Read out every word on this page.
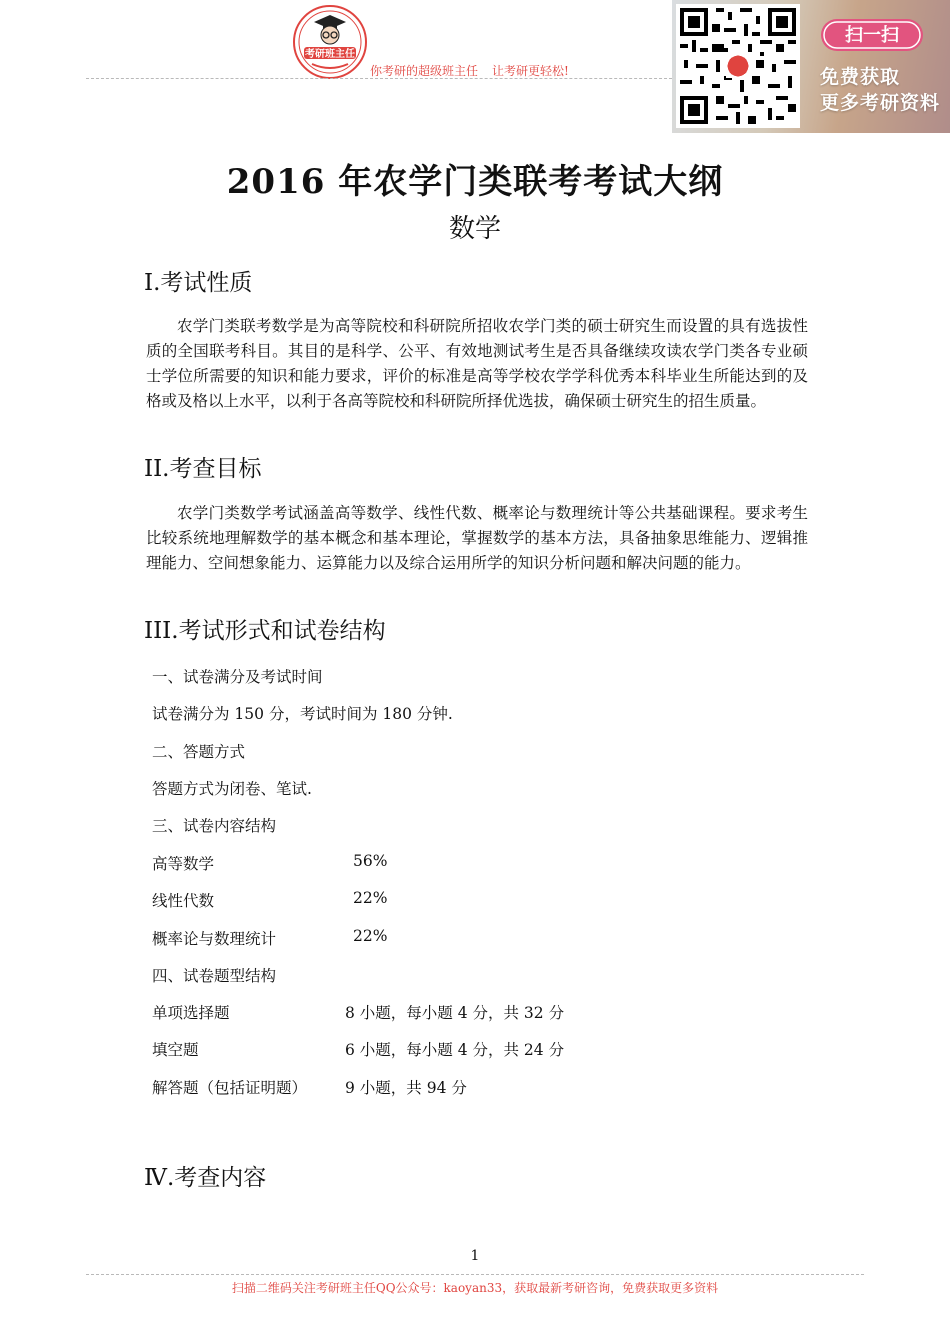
考研班主任
你考研的超级班主任 让考研更轻松!
扫一扫
免费获取
更多考研资料
2016 年农学门类联考考试大纲
数学
I.考试性质
农学门类联考数学是为高等院校和科研院所招收农学门类的硕士研究生而设置的具有选拔性质的全国联考科目。其目的是科学、公平、有效地测试考生是否具备继续攻读农学门类各专业硕士学位所需要的知识和能力要求，评价的标准是高等学校农学学科优秀本科毕业生所能达到的及格或及格以上水平，以利于各高等院校和科研院所择优选拔，确保硕士研究生的招生质量。
II.考查目标
农学门类数学考试涵盖高等数学、线性代数、概率论与数理统计等公共基础课程。要求考生比较系统地理解数学的基本概念和基本理论，掌握数学的基本方法，具备抽象思维能力、逻辑推理能力、空间想象能力、运算能力以及综合运用所学的知识分析问题和解决问题的能力。
III.考试形式和试卷结构
一、试卷满分及考试时间
试卷满分为 150 分，考试时间为 180 分钟.
二、答题方式
答题方式为闭卷、笔试.
三、试卷内容结构
高等数学	56%
线性代数	22%
概率论与数理统计	22%
四、试卷题型结构
单项选择题	8 小题，每小题 4 分，共 32 分
填空题	6 小题，每小题 4 分，共 24 分
解答题（包括证明题） 9 小题，共 94 分
Ⅳ.考查内容
1
扫描二维码关注考研班主任QQ公众号：kaoyan33，获取最新考研咨询，免费获取更多资料
